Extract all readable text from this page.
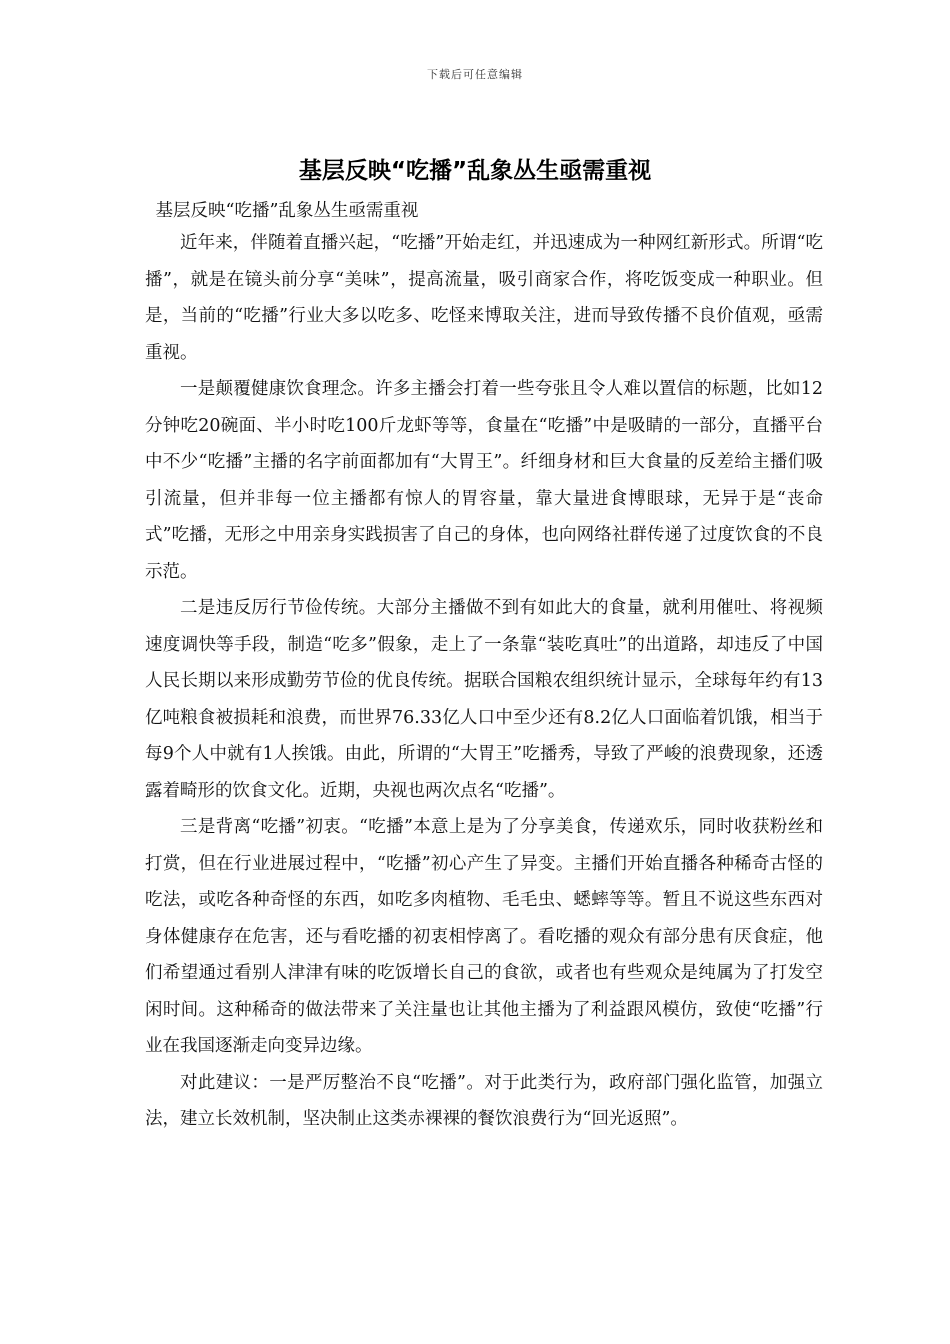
下载后可任意编辑
基层反映“吃播”乱象丛生亟需重视

基层反映“吃播”乱象丛生亟需重视

近年来，伴随着直播兴起，“吃播”开始走红，并迅速成为一种网红新形式。所谓“吃播”，就是在镜头前分享“美味”，提高流量，吸引商家合作，将吃饭变成一种职业。但是，当前的“吃播”行业大多以吃多、吃怪来博取关注，进而导致传播不良价值观，亟需重视。

一是颠覆健康饮食理念。许多主播会打着一些夸张且令人难以置信的标题，比如12分钟吃20碗面、半小时吃100斤龙虾等等，食量在“吃播”中是吸睛的一部分，直播平台中不少“吃播”主播的名字前面都加有“大胃王”。纤细身材和巨大食量的反差给主播们吸引流量，但并非每一位主播都有惊人的胃容量，靠大量进食博眼球，无异于是“丧命式”吃播，无形之中用亲身实践损害了自己的身体，也向网络社群传递了过度饮食的不良示范。

二是违反厉行节俭传统。大部分主播做不到有如此大的食量，就利用催吐、将视频速度调快等手段，制造“吃多”假象，走上了一条靠“装吃真吐”的出道路，却违反了中国人民长期以来形成勤劳节俭的优良传统。据联合国粮农组织统计显示，全球每年约有13亿吨粮食被损耗和浪费，而世界76.33亿人口中至少还有8.2亿人口面临着饥饿，相当于每9个人中就有1人挨饿。由此，所谓的“大胃王”吃播秀，导致了严峻的浪费现象，还透露着畸形的饮食文化。近期，央视也两次点名“吃播”。

三是背离“吃播”初衷。“吃播”本意上是为了分享美食，传递欢乐，同时收获粉丝和打赏，但在行业进展过程中，“吃播”初心产生了异变。主播们开始直播各种稀奇古怪的吃法，或吃各种奇怪的东西，如吃多肉植物、毛毛虫、蟋蟀等等。暂且不说这些东西对身体健康存在危害，还与看吃播的初衷相悖离了。看吃播的观众有部分患有厌食症，他们希望通过看别人津津有味的吃饭增长自己的食欲，或者也有些观众是纯属为了打发空闲时间。这种稀奇的做法带来了关注量也让其他主播为了利益跟风模仿，致使“吃播”行业在我国逐渐走向变异边缘。

对此建议：一是严厉整治不良“吃播”。对于此类行为，政府部门强化监管，加强立法，建立长效机制，坚决制止这类赤裸裸的餐饮浪费行为“回光返照”。
